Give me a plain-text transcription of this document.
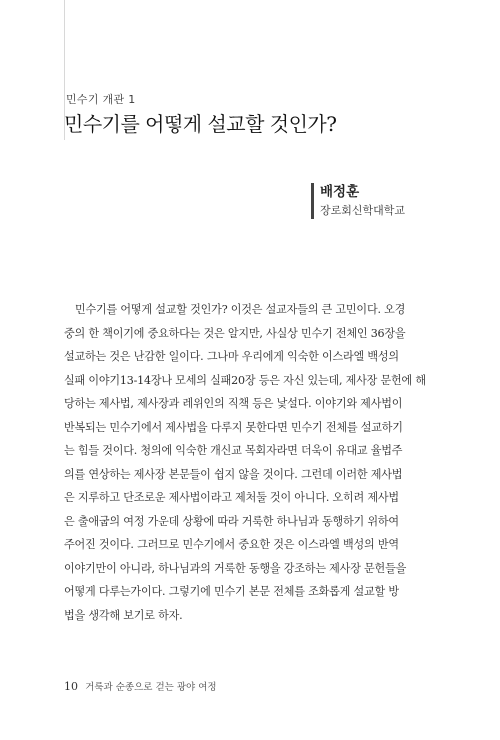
민수기 개관 1
민수기를 어떻게 설교할 것인가?
배정훈
장로회신학대학교
민수기를 어떻게 설교할 것인가? 이것은 설교자들의 큰 고민이다. 오경
중의 한 책이기에 중요하다는 것은 알지만, 사실상 민수기 전체인 36장을
설교하는 것은 난감한 일이다. 그나마 우리에게 익숙한 이스라엘 백성의
실패 이야기13-14장나 모세의 실패20장 등은 자신 있는데, 제사장 문헌에 해
당하는 제사법, 제사장과 레위인의 직책 등은 낯설다. 이야기와 제사법이
반복되는 민수기에서 제사법을 다루지 못한다면 민수기 전체를 설교하기
는 힘들 것이다. 청의에 익숙한 개신교 목회자라면 더욱이 유대교 율법주
의를 연상하는 제사장 본문들이 쉽지 않을 것이다. 그런데 이러한 제사법
은 지루하고 단조로운 제사법이라고 제처둘 것이 아니다. 오히려 제사법
은 출애굽의 여정 가운데 상황에 따라 거룩한 하나님과 동행하기 위하여
주어진 것이다. 그러므로 민수기에서 중요한 것은 이스라엘 백성의 반역
이야기만이 아니라, 하나님과의 거룩한 동행을 강조하는 제사장 문헌들을
어떻게 다루는가이다. 그렇기에 민수기 본문 전체를 조화롭게 설교할 방
법을 생각해 보기로 하자.
10 거룩과 순종으로 걷는 광야 여정
